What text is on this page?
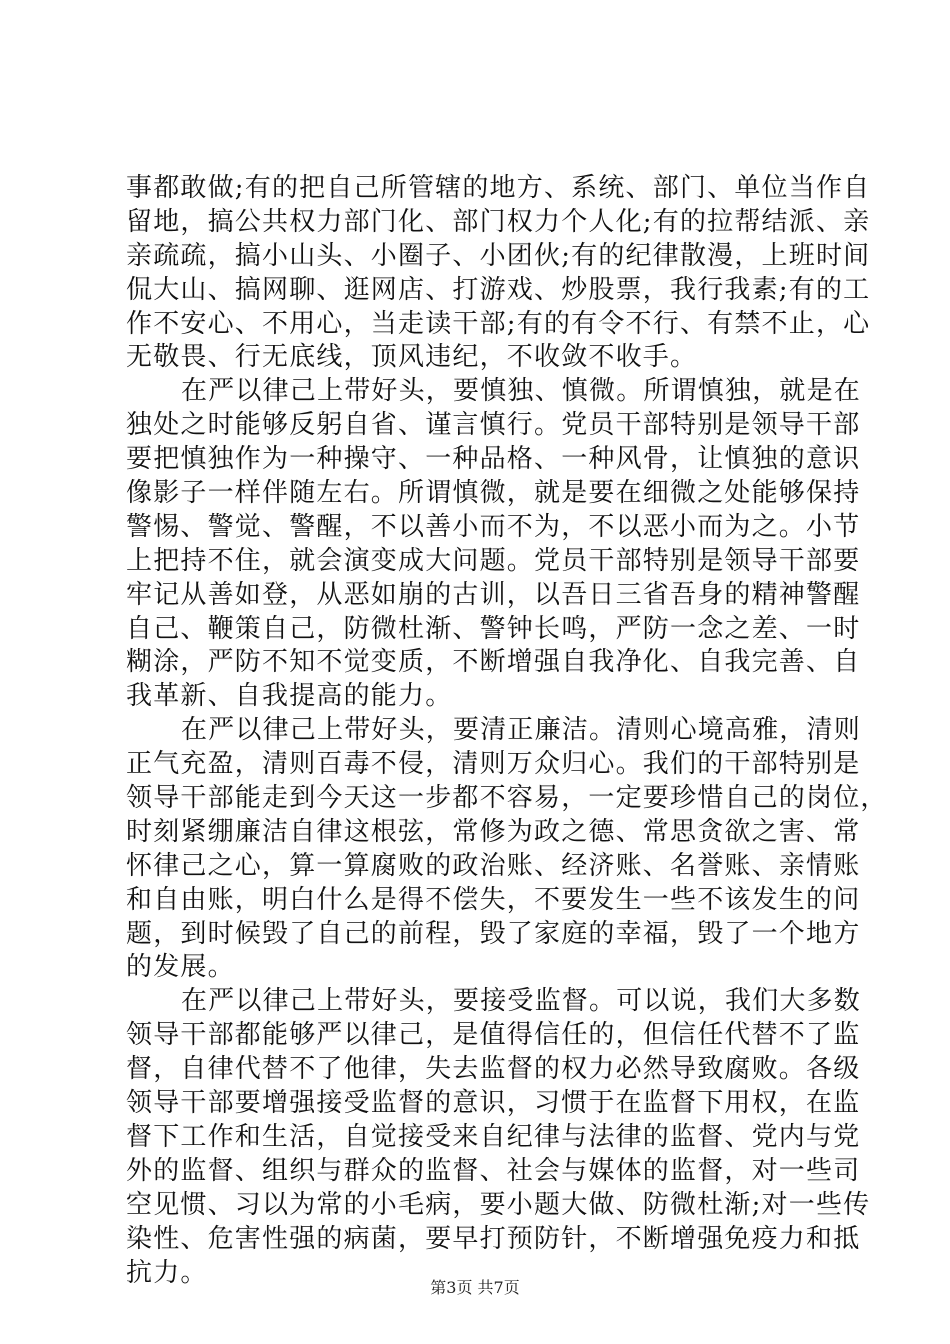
事都敢做;有的把自己所管辖的地方、系统、部门、单位当作自
留地，搞公共权力部门化、部门权力个人化;有的拉帮结派、亲
亲疏疏，搞小山头、小圈子、小团伙;有的纪律散漫，上班时间
侃大山、搞网聊、逛网店、打游戏、炒股票，我行我素;有的工
作不安心、不用心，当走读干部;有的有令不行、有禁不止，心
无敬畏、行无底线，顶风违纪，不收敛不收手。
在严以律己上带好头，要慎独、慎微。所谓慎独，就是在
独处之时能够反躬自省、谨言慎行。党员干部特别是领导干部
要把慎独作为一种操守、一种品格、一种风骨，让慎独的意识
像影子一样伴随左右。所谓慎微，就是要在细微之处能够保持
警惕、警觉、警醒，不以善小而不为，不以恶小而为之。小节
上把持不住，就会演变成大问题。党员干部特别是领导干部要
牢记从善如登，从恶如崩的古训，以吾日三省吾身的精神警醒
自己、鞭策自己，防微杜渐、警钟长鸣，严防一念之差、一时
糊涂，严防不知不觉变质，不断增强自我净化、自我完善、自
我革新、自我提高的能力。
在严以律己上带好头，要清正廉洁。清则心境高雅，清则
正气充盈，清则百毒不侵，清则万众归心。我们的干部特别是
领导干部能走到今天这一步都不容易，一定要珍惜自己的岗位，
时刻紧绷廉洁自律这根弦，常修为政之德、常思贪欲之害、常
怀律己之心，算一算腐败的政治账、经济账、名誉账、亲情账
和自由账，明白什么是得不偿失，不要发生一些不该发生的问
题，到时候毁了自己的前程，毁了家庭的幸福，毁了一个地方
的发展。
在严以律己上带好头，要接受监督。可以说，我们大多数
领导干部都能够严以律己，是值得信任的，但信任代替不了监
督，自律代替不了他律，失去监督的权力必然导致腐败。各级
领导干部要增强接受监督的意识，习惯于在监督下用权，在监
督下工作和生活，自觉接受来自纪律与法律的监督、党内与党
外的监督、组织与群众的监督、社会与媒体的监督，对一些司
空见惯、习以为常的小毛病，要小题大做、防微杜渐;对一些传
染性、危害性强的病菌，要早打预防针，不断增强免疫力和抵
抗力。	第3页 共7页
